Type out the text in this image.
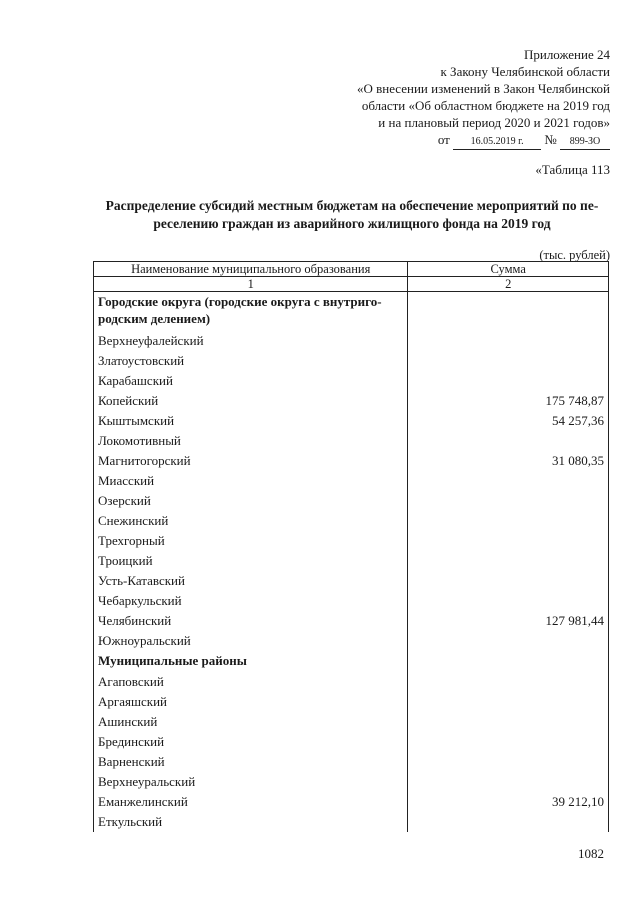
Приложение 24
к Закону Челябинской области
«О внесении изменений в Закон Челябинской
области «Об областном бюджете на 2019 год
и на плановый период 2020 и 2021 годов»
от 16.05.2019 г. № 899-ЗО
«Таблица 113
Распределение субсидий местным бюджетам на обеспечение мероприятий по пе-
реселению граждан из аварийного жилищного фонда на 2019 год
(тыс. рублей)
Наименование муниципального образования	Сумма
1	2
Городские округа (городские округа с внутриго-родским делением)	
Верхнеуфалейский	
Златоустовский	
Карабашский	
Копейский	175 748,87
Кыштымский	54 257,36
Локомотивный	
Магнитогорский	31 080,35
Миасский	
Озерский	
Снежинский	
Трехгорный	
Троицкий	
Усть-Катавский	
Чебаркульский	
Челябинский	127 981,44
Южноуральский	
Муниципальные районы	
Агаповский	
Аргаяшский	
Ашинский	
Брединский	
Варненский	
Верхнеуральский	
Еманжелинский	39 212,10
Еткульский	
1082
